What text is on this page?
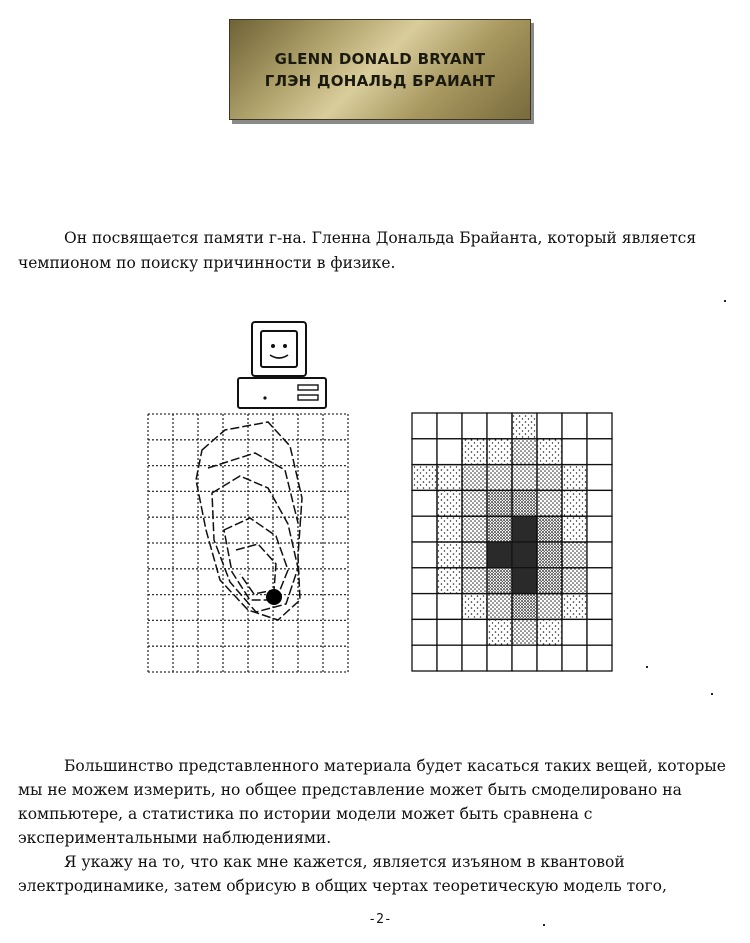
GLENN DONALD BRYANT
ГЛЭН ДОНАЛЬД БРАИАНТ

Он посвящается памяти г-на. Гленна Дональда Брайанта, который является чемпионом по поиску причинности в физике.

Большинство представленного материала будет касаться таких вещей, которые мы не можем измерить, но общее представление может быть смоделировано на компьютере, а статистика по истории модели может быть сравнена с экспериментальными наблюдениями.

Я укажу на то, что как мне кажется, является изъяном в квантовой электродинамике, затем обрисую в общих чертах теоретическую модель того,

-2-
